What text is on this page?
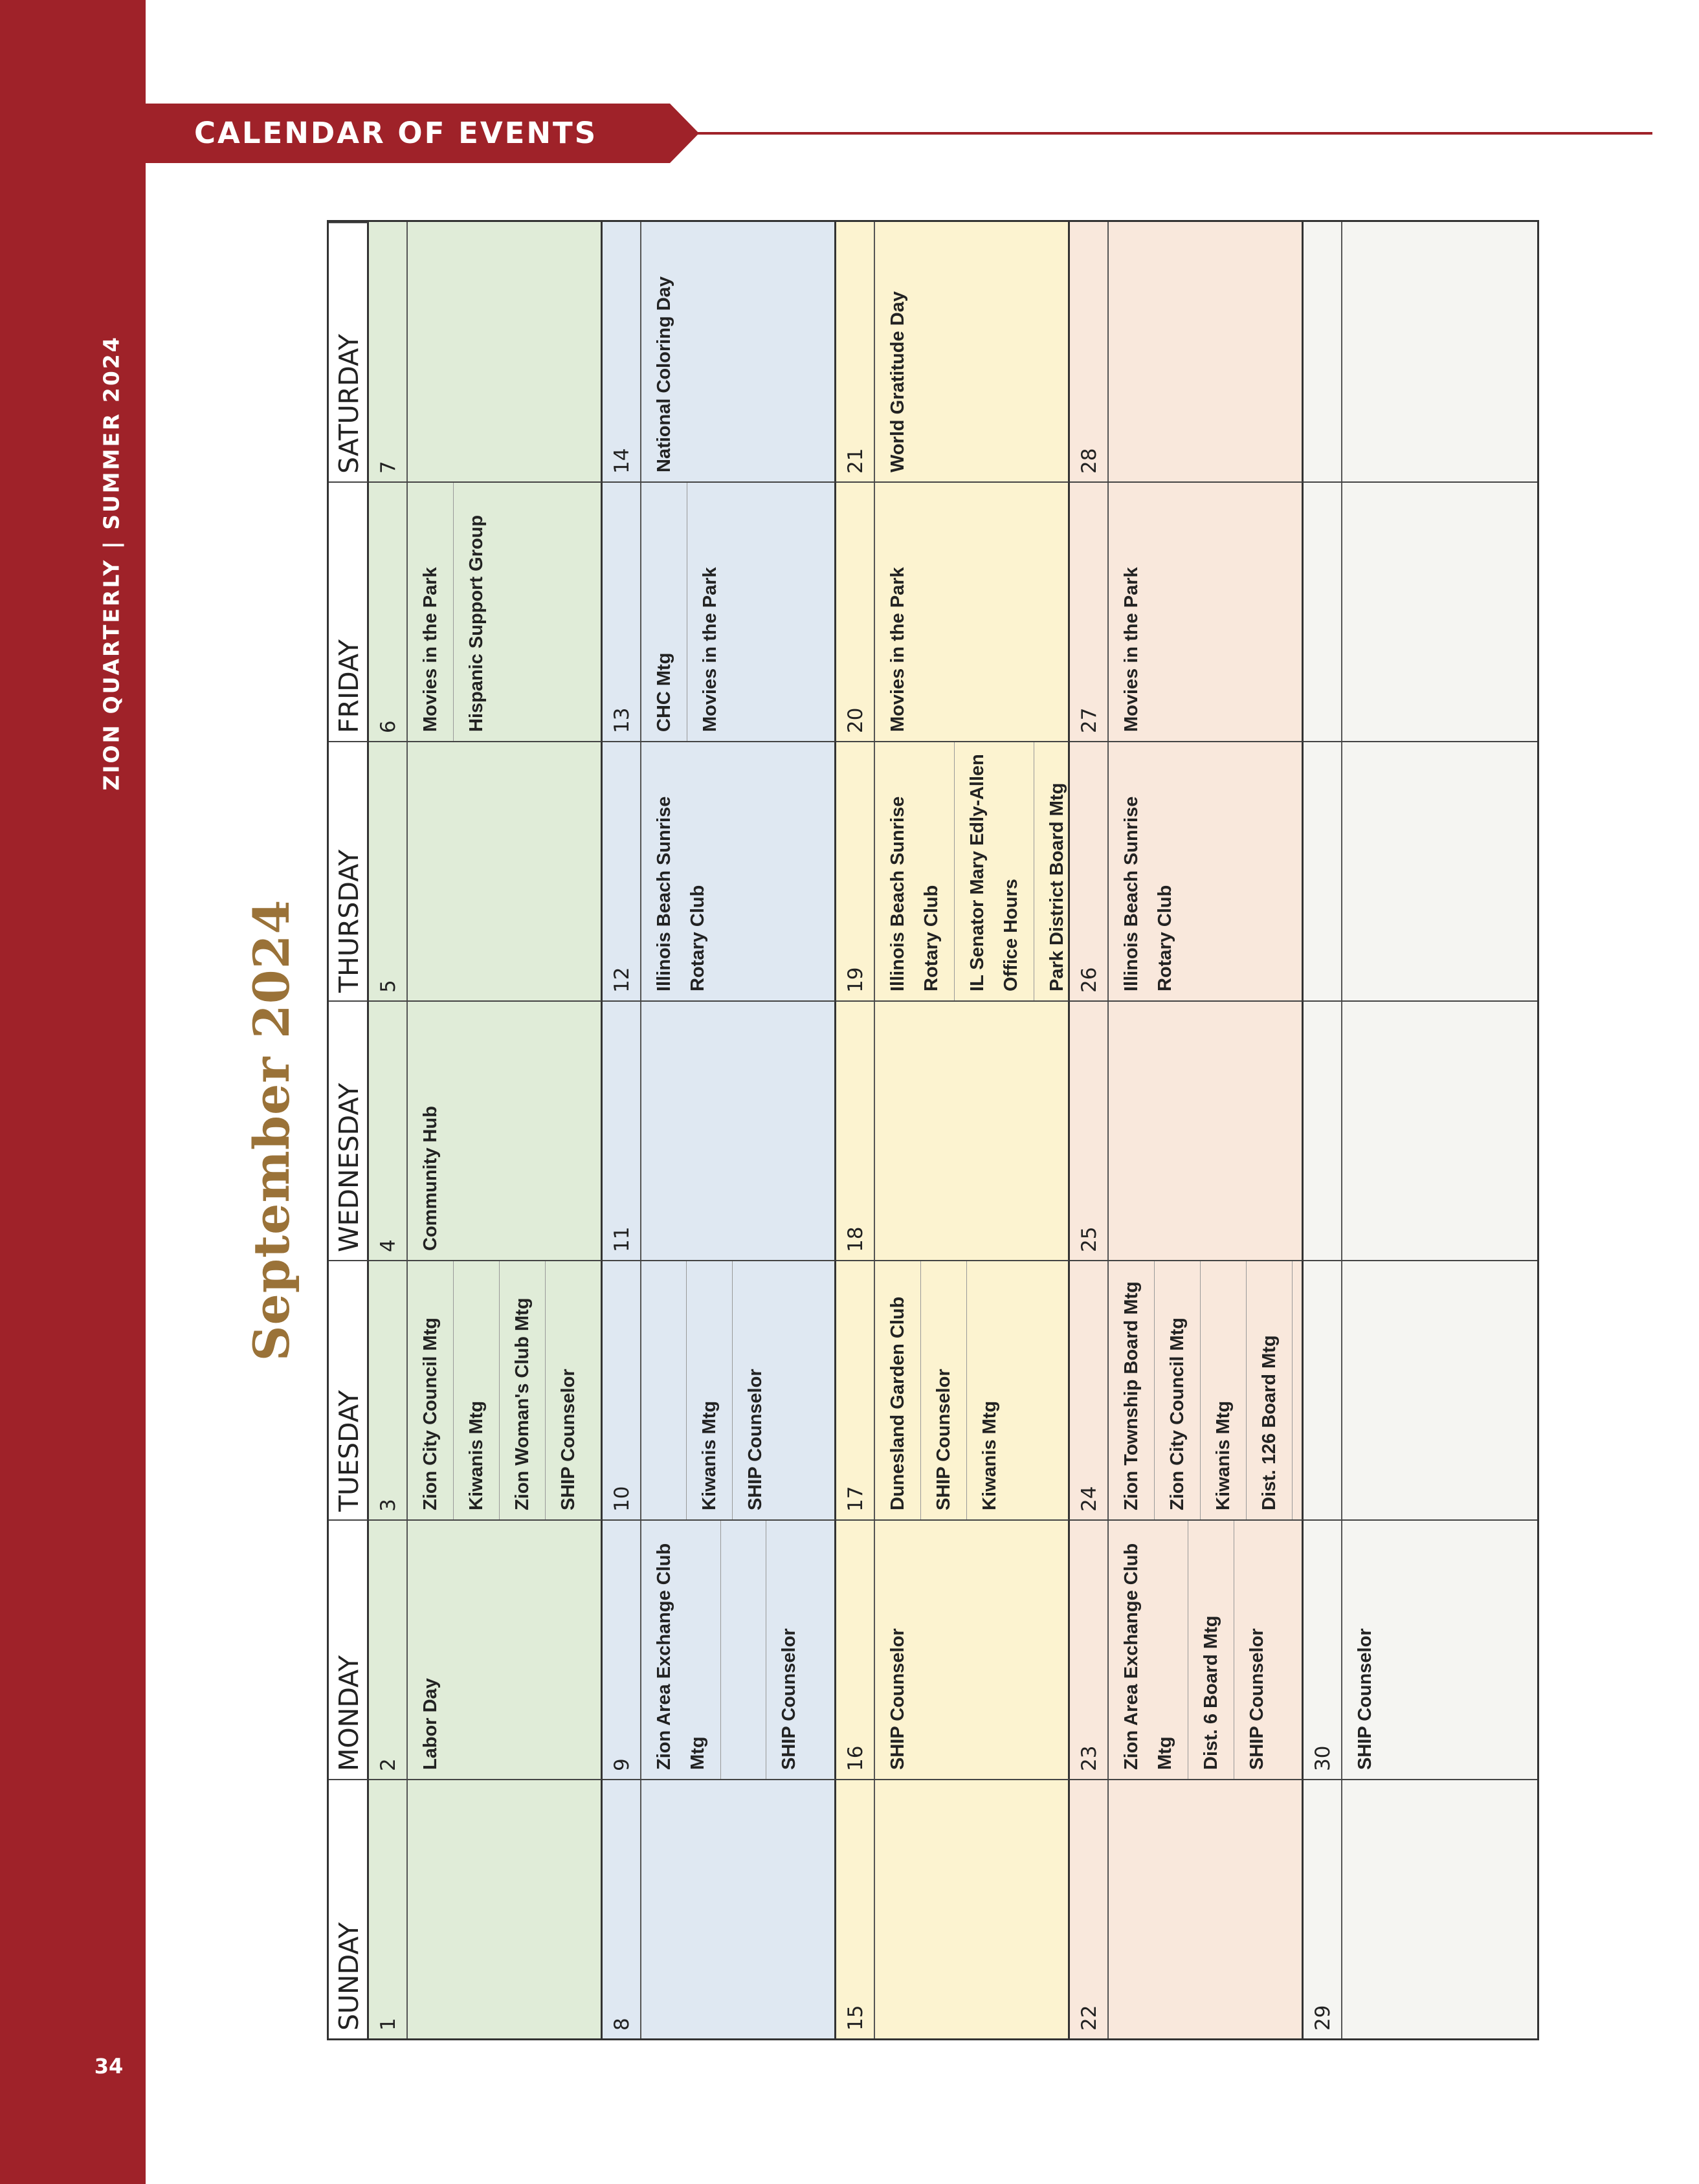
ZION QUARTERLY | SUMMER 2024
34
CALENDAR OF EVENTS
September 2024
SUNDAY
MONDAY
TUESDAY
WEDNESDAY
THURSDAY
FRIDAY
SATURDAY
1
2	Labor Day
3	Zion City Council Mtg	Kiwanis Mtg	Zion Woman's Club Mtg	SHIP Counselor
4	Community Hub
5
6	Movies in the Park	Hispanic Support Group
7
8
9	Zion Area Exchange Club Mtg	SHIP Counselor
10	Kiwanis Mtg	SHIP Counselor
11
12	Illinois Beach Sunrise Rotary Club
13	CHC Mtg	Movies in the Park
14	National Coloring Day
15
16	SHIP Counselor
17	Dunesland Garden Club	SHIP Counselor	Kiwanis Mtg
18
19	Illinois Beach Sunrise Rotary Club	IL Senator Mary Edly-Allen Office Hours	Park District Board Mtg
20	Movies in the Park
21	World Gratitude Day
22
23	Zion Area Exchange Club Mtg	Dist. 6 Board Mtg	SHIP Counselor
24	Zion Township Board Mtg	Zion City Council Mtg	Kiwanis Mtg	Dist. 126 Board Mtg
25
26	Illinois Beach Sunrise Rotary Club
27	Movies in the Park
28
29
30	SHIP Counselor
